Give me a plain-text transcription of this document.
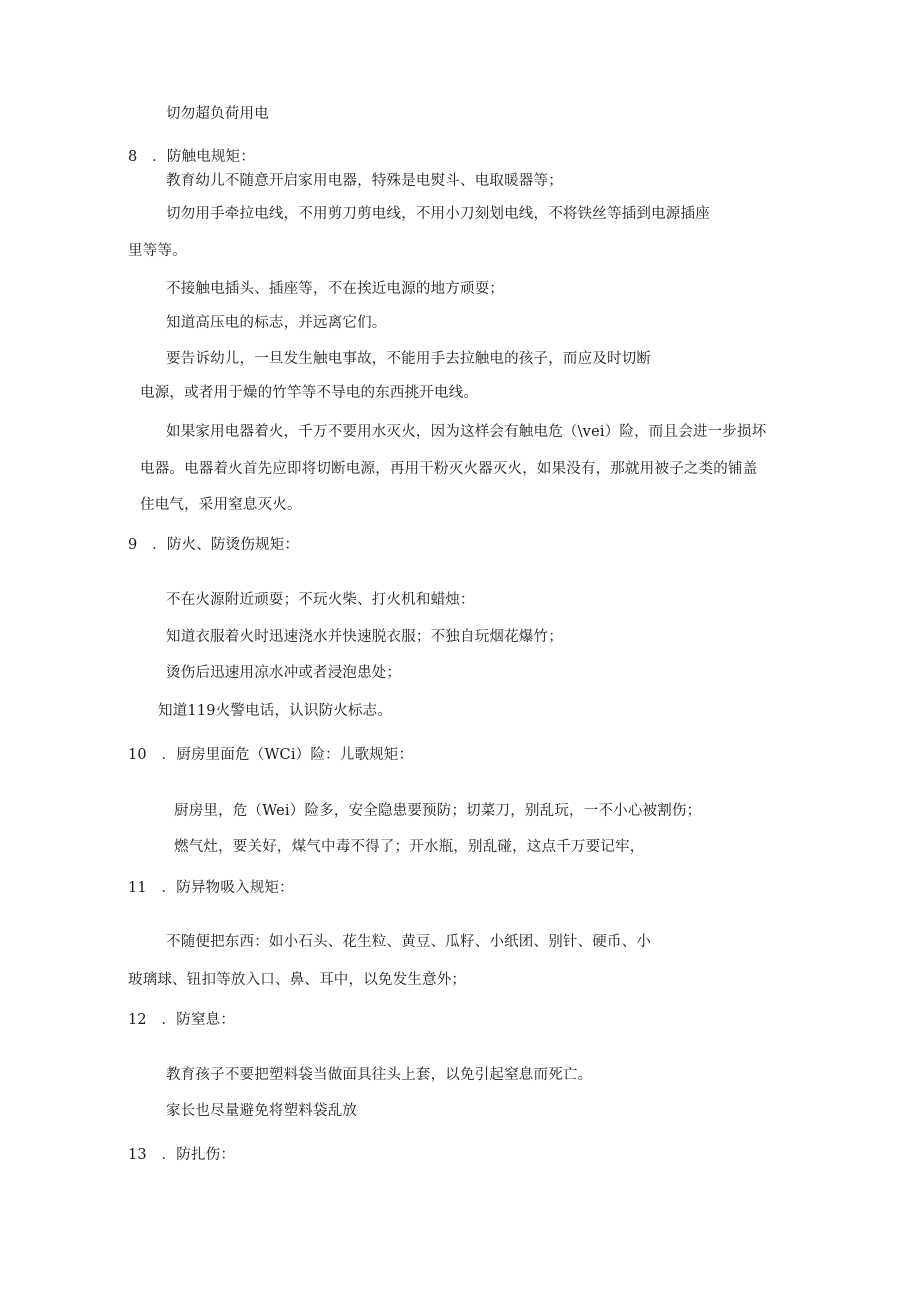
切勿超负荷用电
8　．防触电规矩：
教育幼儿不随意开启家用电器，特殊是电熨斗、电取暖器等；
切勿用手牵拉电线，不用剪刀剪电线，不用小刀刻划电线，不将铁丝等插到电源插座
里等等。
不接触电插头、插座等，不在挨近电源的地方顽耍；
知道高压电的标志，并远离它们。
要告诉幼儿，一旦发生触电事故，不能用手去拉触电的孩子，而应及时切断
电源，或者用于燥的竹竿等不导电的东西挑开电线。
如果家用电器着火，千万不要用水灭火，因为这样会有触电危（\vei）险，而且会进一步损坏
电器。电器着火首先应即将切断电源，再用干粉灭火器灭火，如果没有，那就用被子之类的铺盖
住电气，采用窒息灭火。
9　．防火、防烫伤规矩：
不在火源附近顽耍；不玩火柴、打火机和蜡烛：
知道衣服着火时迅速浇水并快速脱衣服；不独自玩烟花爆竹；
烫伤后迅速用凉水冲或者浸泡患处；
知道119火警电话，认识防火标志。
10　．厨房里面危（WCi）险：儿歌规矩：
厨房里，危（Wei）险多，安全隐患要预防；切菜刀，别乱玩，一不小心被割伤；
燃气灶，要关好，煤气中毒不得了；开水瓶，别乱碰，这点千万要记牢，
11　．防异物吸入规矩：
不随便把东西：如小石头、花生粒、黄豆、瓜籽、小纸团、别针、硬币、小
玻璃球、钮扣等放入口、鼻、耳中，以免发生意外；
12　．防窒息：
教育孩子不要把塑料袋当做面具往头上套，以免引起窒息而死亡。
家长也尽量避免将塑料袋乱放
13　．防扎伤：
